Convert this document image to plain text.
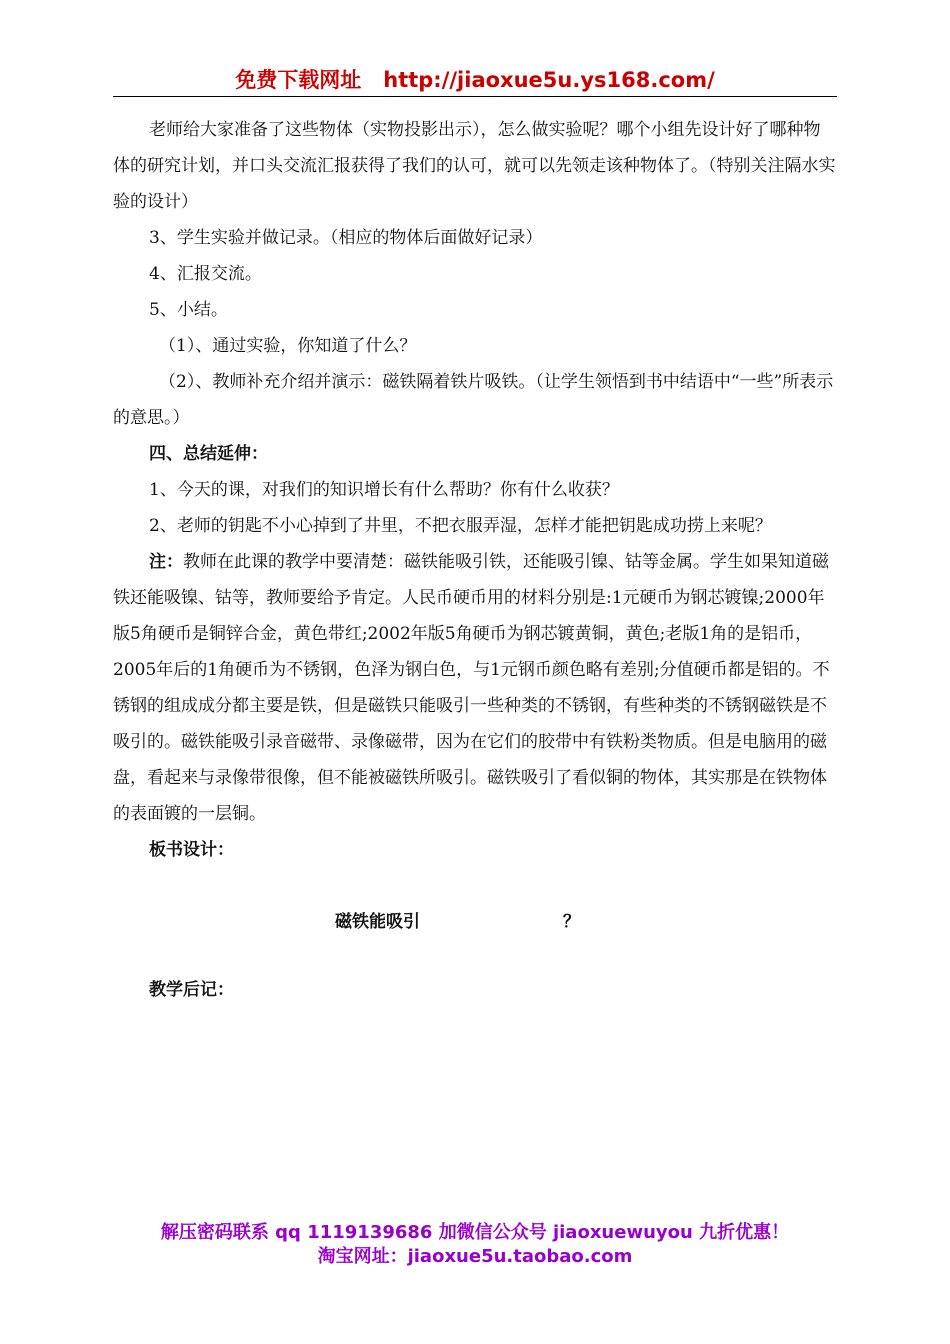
免费下载网址 http://jiaoxue5u.ys168.com/

老师给大家准备了这些物体（实物投影出示），怎么做实验呢？哪个小组先设计好了哪种物体的研究计划，并口头交流汇报获得了我们的认可，就可以先领走该种物体了。（特别关注隔水实验的设计）

3、学生实验并做记录。（相应的物体后面做好记录）

4、汇报交流。

5、小结。

（1）、通过实验，你知道了什么？

（2）、教师补充介绍并演示：磁铁隔着铁片吸铁。（让学生领悟到书中结语中“一些”所表示的意思。）

四、总结延伸：

1、今天的课，对我们的知识增长有什么帮助？你有什么收获？

2、老师的钥匙不小心掉到了井里，不把衣服弄湿，怎样才能把钥匙成功捞上来呢？

注：教师在此课的教学中要清楚：磁铁能吸引铁，还能吸引镍、钴等金属。学生如果知道磁铁还能吸镍、钴等，教师要给予肯定。人民币硬币用的材料分别是:1元硬币为钢芯镀镍;2000年版5角硬币是铜锌合金，黄色带红;2002年版5角硬币为钢芯镀黄铜，黄色;老版1角的是铝币，2005年后的1角硬币为不锈钢，色泽为钢白色，与1元钢币颜色略有差别;分值硬币都是铝的。不锈钢的组成成分都主要是铁，但是磁铁只能吸引一些种类的不锈钢，有些种类的不锈钢磁铁是不吸引的。磁铁能吸引录音磁带、录像磁带，因为在它们的胶带中有铁粉类物质。但是电脑用的磁盘，看起来与录像带很像，但不能被磁铁所吸引。磁铁吸引了看似铜的物体，其实那是在铁物体的表面镀的一层铜。

板书设计：

磁铁能吸引	？
教学后记：
解压密码联系 qq 1119139686 加微信公众号 jiaoxuewuyou 九折优惠！
淘宝网址：jiaoxue5u.taobao.com
